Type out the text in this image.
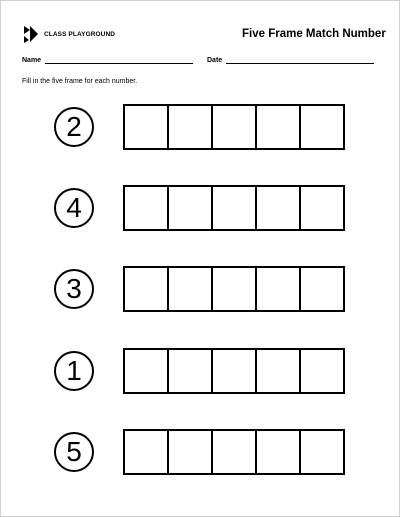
CLASS PLAYGROUND	Five Frame Match Number
Name	Date
Fill in the five frame for each number.
2
4
3
1
5
